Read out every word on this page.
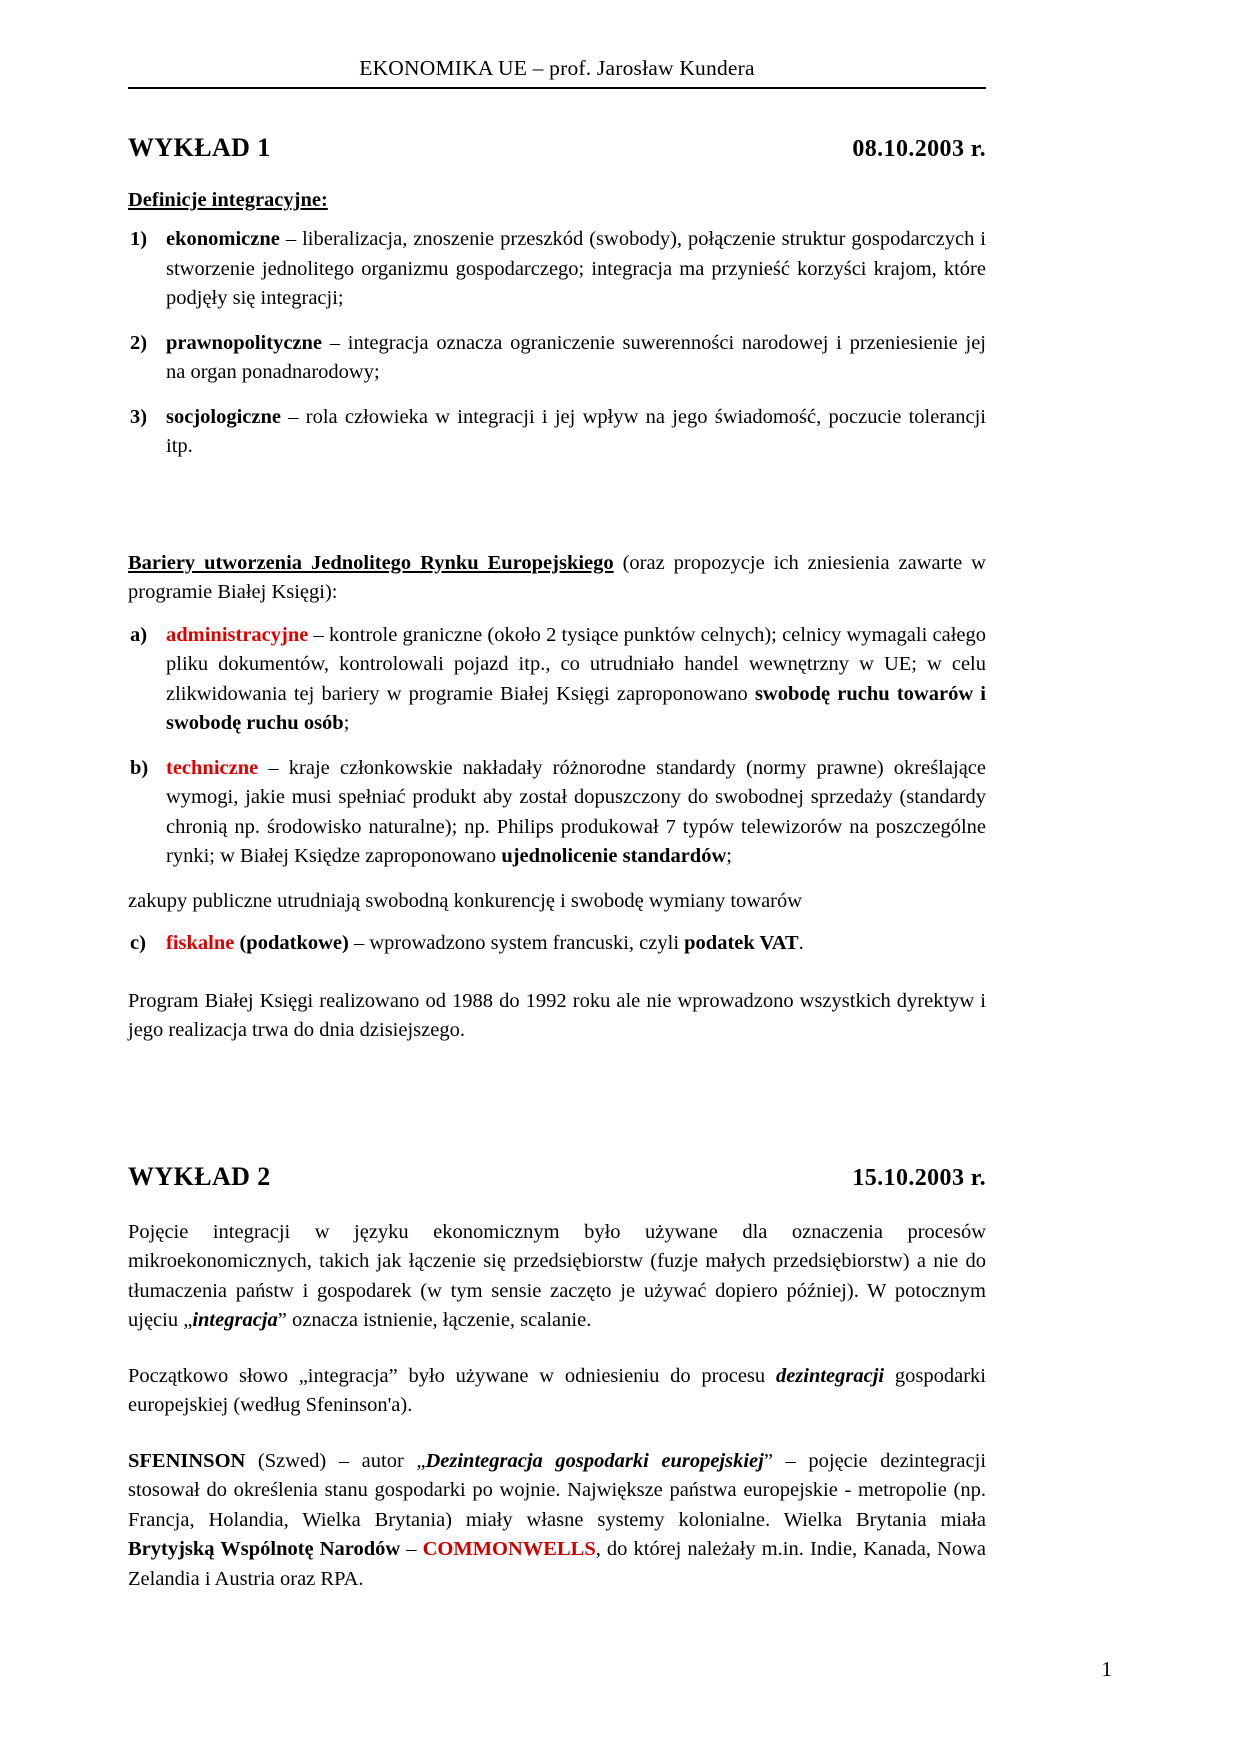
EKONOMIKA UE – prof. Jarosław Kundera
WYKŁAD 1	08.10.2003 r.
Definicje integracyjne:
1) ekonomiczne – liberalizacja, znoszenie przeszkód (swobody), połączenie struktur gospodarczych i stworzenie jednolitego organizmu gospodarczego; integracja ma przynieść korzyści krajom, które podjęły się integracji;
2) prawnopolityczne – integracja oznacza ograniczenie suwerenności narodowej i przeniesienie jej na organ ponadnarodowy;
3) socjologiczne – rola człowieka w integracji i jej wpływ na jego świadomość, poczucie tolerancji itp.

Bariery utworzenia Jednolitego Rynku Europejskiego (oraz propozycje ich zniesienia zawarte w programie Białej Księgi):

a) administracyjne – kontrole graniczne (około 2 tysiące punktów celnych); celnicy wymagali całego pliku dokumentów, kontrolowali pojazd itp., co utrudniało handel wewnętrzny w UE; w celu zlikwidowania tej bariery w programie Białej Księgi zaproponowano swobodę ruchu towarów i swobodę ruchu osób;
b) techniczne – kraje członkowskie nakładały różnorodne standardy (normy prawne) określające wymogi, jakie musi spełniać produkt aby został dopuszczony do swobodnej sprzedaży (standardy chronią np. środowisko naturalne); np. Philips produkował 7 typów telewizorów na poszczególne rynki; w Białej Księdze zaproponowano ujednolicenie standardów;

zakupy publiczne utrudniają swobodną konkurencję i swobodę wymiany towarów

c) fiskalne (podatkowe) – wprowadzono system francuski, czyli podatek VAT.

Program Białej Księgi realizowano od 1988 do 1992 roku ale nie wprowadzono wszystkich dyrektyw i jego realizacja trwa do dnia dzisiejszego.

WYKŁAD 2	15.10.2003 r.

Pojęcie integracji w języku ekonomicznym było używane dla oznaczenia procesów mikroekonomicznych, takich jak łączenie się przedsiębiorstw (fuzje małych przedsiębiorstw) a nie do tłumaczenia państw i gospodarek (w tym sensie zaczęto je używać dopiero później). W potocznym ujęciu „integracja” oznacza istnienie, łączenie, scalanie.

Początkowo słowo „integracja” było używane w odniesieniu do procesu dezintegracji gospodarki europejskiej (według Sfeninson'a).

SFENINSON (Szwed) – autor „Dezintegracja gospodarki europejskiej” – pojęcie dezintegracji stosował do określenia stanu gospodarki po wojnie. Największe państwa europejskie - metropolie (np. Francja, Holandia, Wielka Brytania) miały własne systemy kolonialne. Wielka Brytania miała Brytyjską Wspólnotę Narodów – COMMONWELLS, do której należały m.in. Indie, Kanada, Nowa Zelandia i Austria oraz RPA.

1
